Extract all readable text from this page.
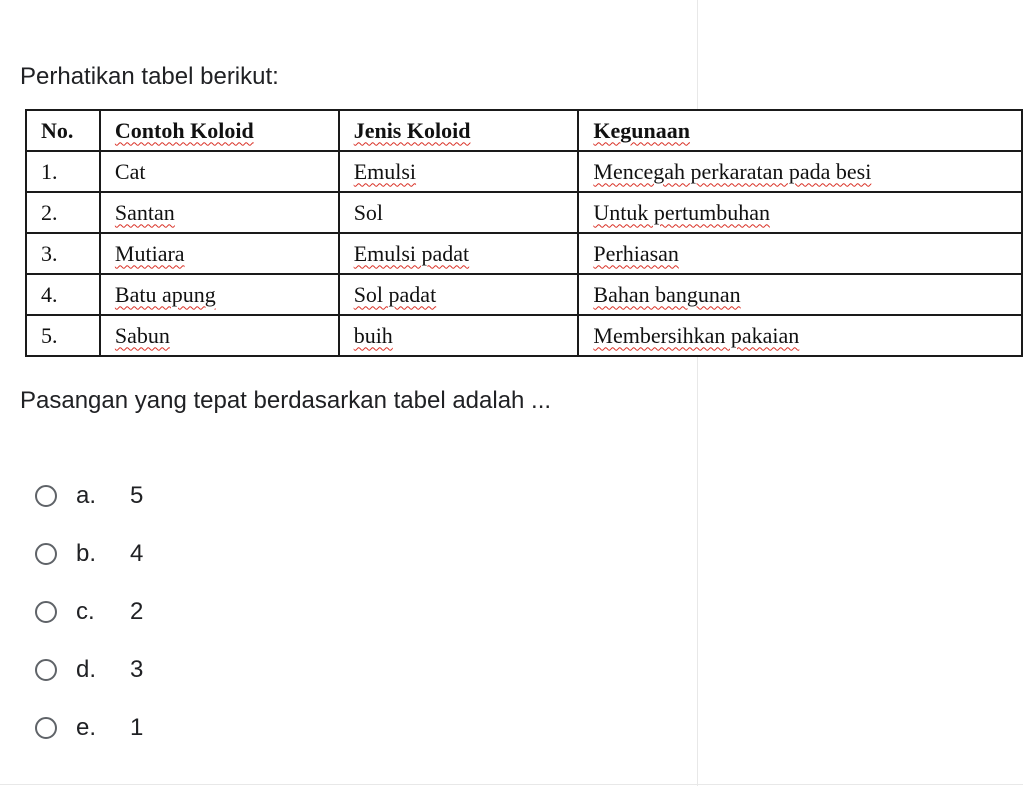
Perhatikan tabel berikut:
No.	Contoh Koloid	Jenis Koloid	Kegunaan
1.	Cat	Emulsi	Mencegah perkaratan pada besi
2.	Santan	Sol	Untuk pertumbuhan
3.	Mutiara	Emulsi padat	Perhiasan
4.	Batu apung	Sol padat	Bahan bangunan
5.	Sabun	buih	Membersihkan pakaian
Pasangan yang tepat berdasarkan tabel adalah ...
a.	5
b.	4
c.	2
d.	3
e.	1
